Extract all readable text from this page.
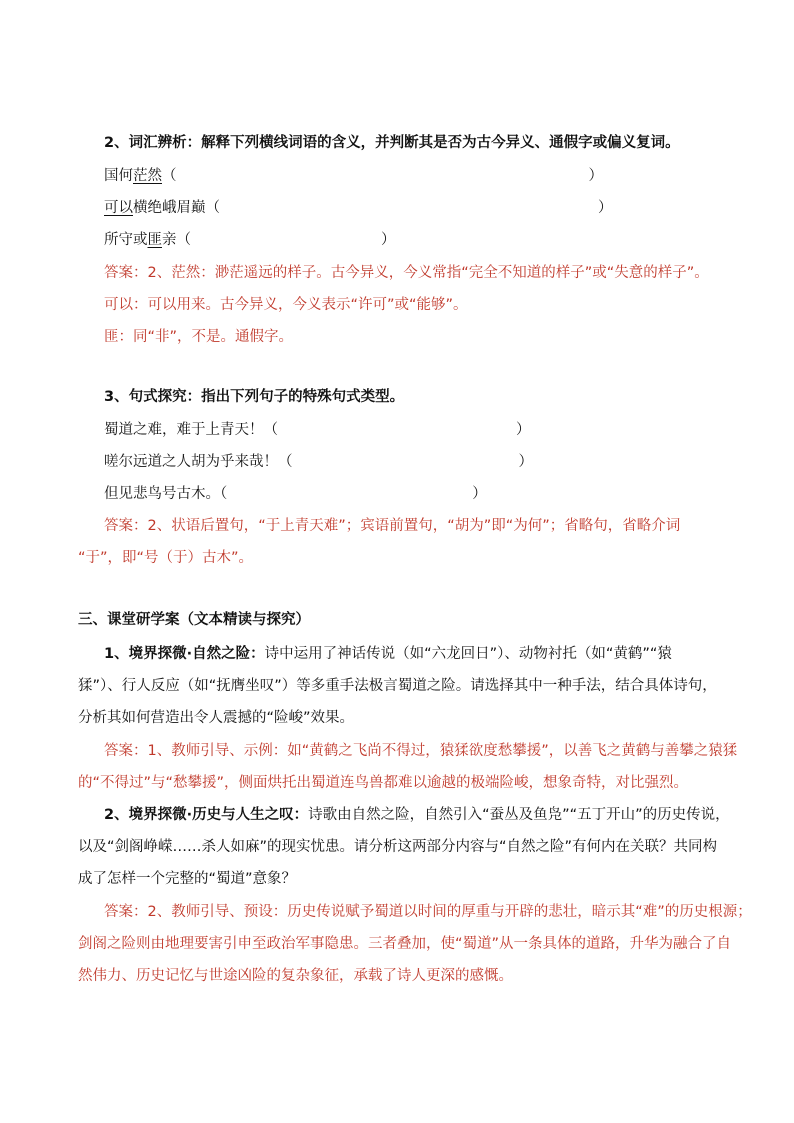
2、词汇辨析：解释下列横线词语的含义，并判断其是否为古今异义、通假字或偏义复词。
国何茫然（	）
可以横绝峨眉巅（	）
所守或匪亲（	）
答案：2、茫然：渺茫遥远的样子。古今异义，今义常指“完全不知道的样子”或“失意的样子”。
可以：可以用来。古今异义，今义表示“许可”或“能够”。
匪：同“非”，不是。通假字。
3、句式探究：指出下列句子的特殊句式类型。
蜀道之难，难于上青天！（	）
嗟尔远道之人胡为乎来哉！（	）
但见悲鸟号古木。（	）
答案：2、状语后置句，“于上青天难”；宾语前置句，“胡为”即“为何”；省略句，省略介词
“于”，即“号（于）古木”。
三、课堂研学案（文本精读与探究）
1、境界探微·自然之险：诗中运用了神话传说（如“六龙回日”）、动物衬托（如“黄鹤”“猿
猱”）、行人反应（如“抚膺坐叹”）等多重手法极言蜀道之险。请选择其中一种手法，结合具体诗句，
分析其如何营造出令人震撼的“险峻”效果。
答案：1、教师引导、示例：如“黄鹤之飞尚不得过，猿猱欲度愁攀援”，以善飞之黄鹤与善攀之猿猱
的“不得过”与“愁攀援”，侧面烘托出蜀道连鸟兽都难以逾越的极端险峻，想象奇特，对比强烈。
2、境界探微·历史与人生之叹：诗歌由自然之险，自然引入“蚕丛及鱼凫”“五丁开山”的历史传说，
以及“剑阁峥嵘……杀人如麻”的现实忧患。请分析这两部分内容与“自然之险”有何内在关联？共同构
成了怎样一个完整的“蜀道”意象？
答案：2、教师引导、预设：历史传说赋予蜀道以时间的厚重与开辟的悲壮，暗示其“难”的历史根源；
剑阁之险则由地理要害引申至政治军事隐患。三者叠加，使“蜀道”从一条具体的道路，升华为融合了自
然伟力、历史记忆与世途凶险的复杂象征，承载了诗人更深的感慨。
